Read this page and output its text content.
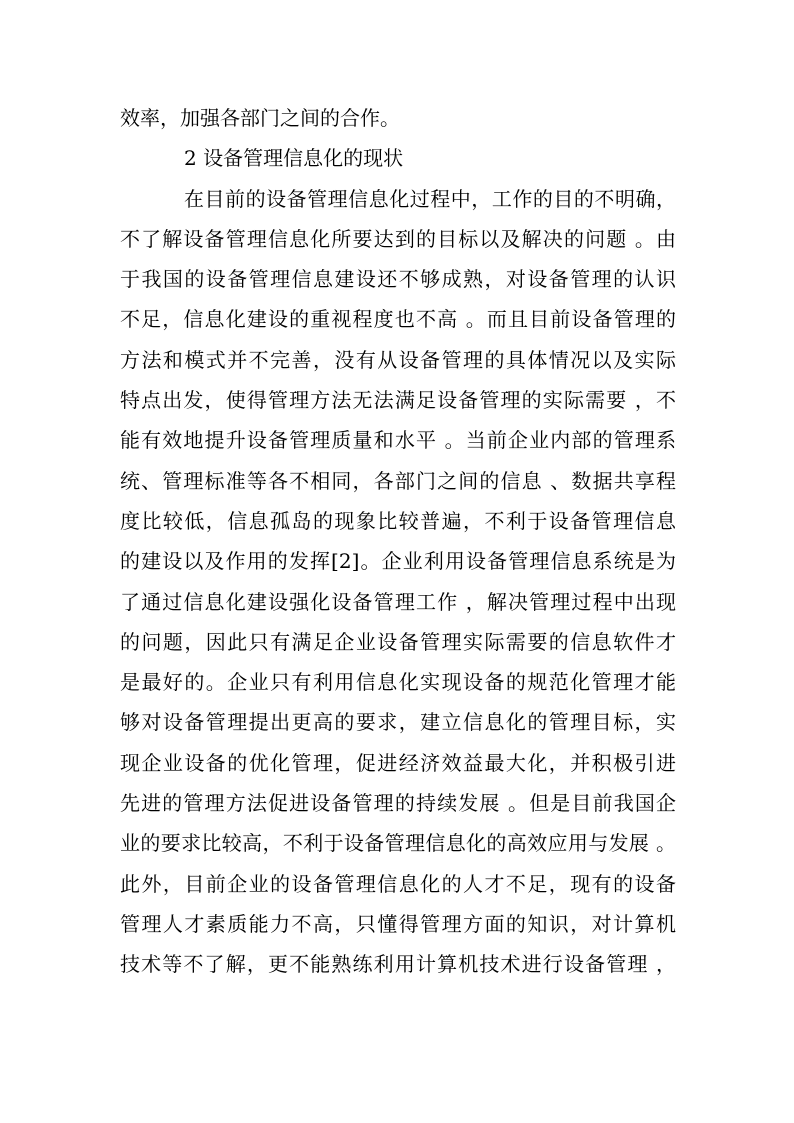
效率，加强各部门之间的合作。
2 设备管理信息化的现状
在目前的设备管理信息化过程中，工作的目的不明确，
不了解设备管理信息化所要达到的目标以及解决的问题 。由
于我国的设备管理信息建设还不够成熟，对设备管理的认识
不足，信息化建设的重视程度也不高 。而且目前设备管理的
方法和模式并不完善，没有从设备管理的具体情况以及实际
特点出发，使得管理方法无法满足设备管理的实际需要 ，不
能有效地提升设备管理质量和水平 。当前企业内部的管理系
统、管理标准等各不相同，各部门之间的信息 、数据共享程
度比较低，信息孤岛的现象比较普遍，不利于设备管理信息
的建设以及作用的发挥[2]。企业利用设备管理信息系统是为
了通过信息化建设强化设备管理工作 ，解决管理过程中出现
的问题，因此只有满足企业设备管理实际需要的信息软件才
是最好的。企业只有利用信息化实现设备的规范化管理才能
够对设备管理提出更高的要求，建立信息化的管理目标，实
现企业设备的优化管理，促进经济效益最大化，并积极引进
先进的管理方法促进设备管理的持续发展 。但是目前我国企
业的要求比较高，不利于设备管理信息化的高效应用与发展 。
此外，目前企业的设备管理信息化的人才不足，现有的设备
管理人才素质能力不高，只懂得管理方面的知识，对计算机
技术等不了解，更不能熟练利用计算机技术进行设备管理 ，
